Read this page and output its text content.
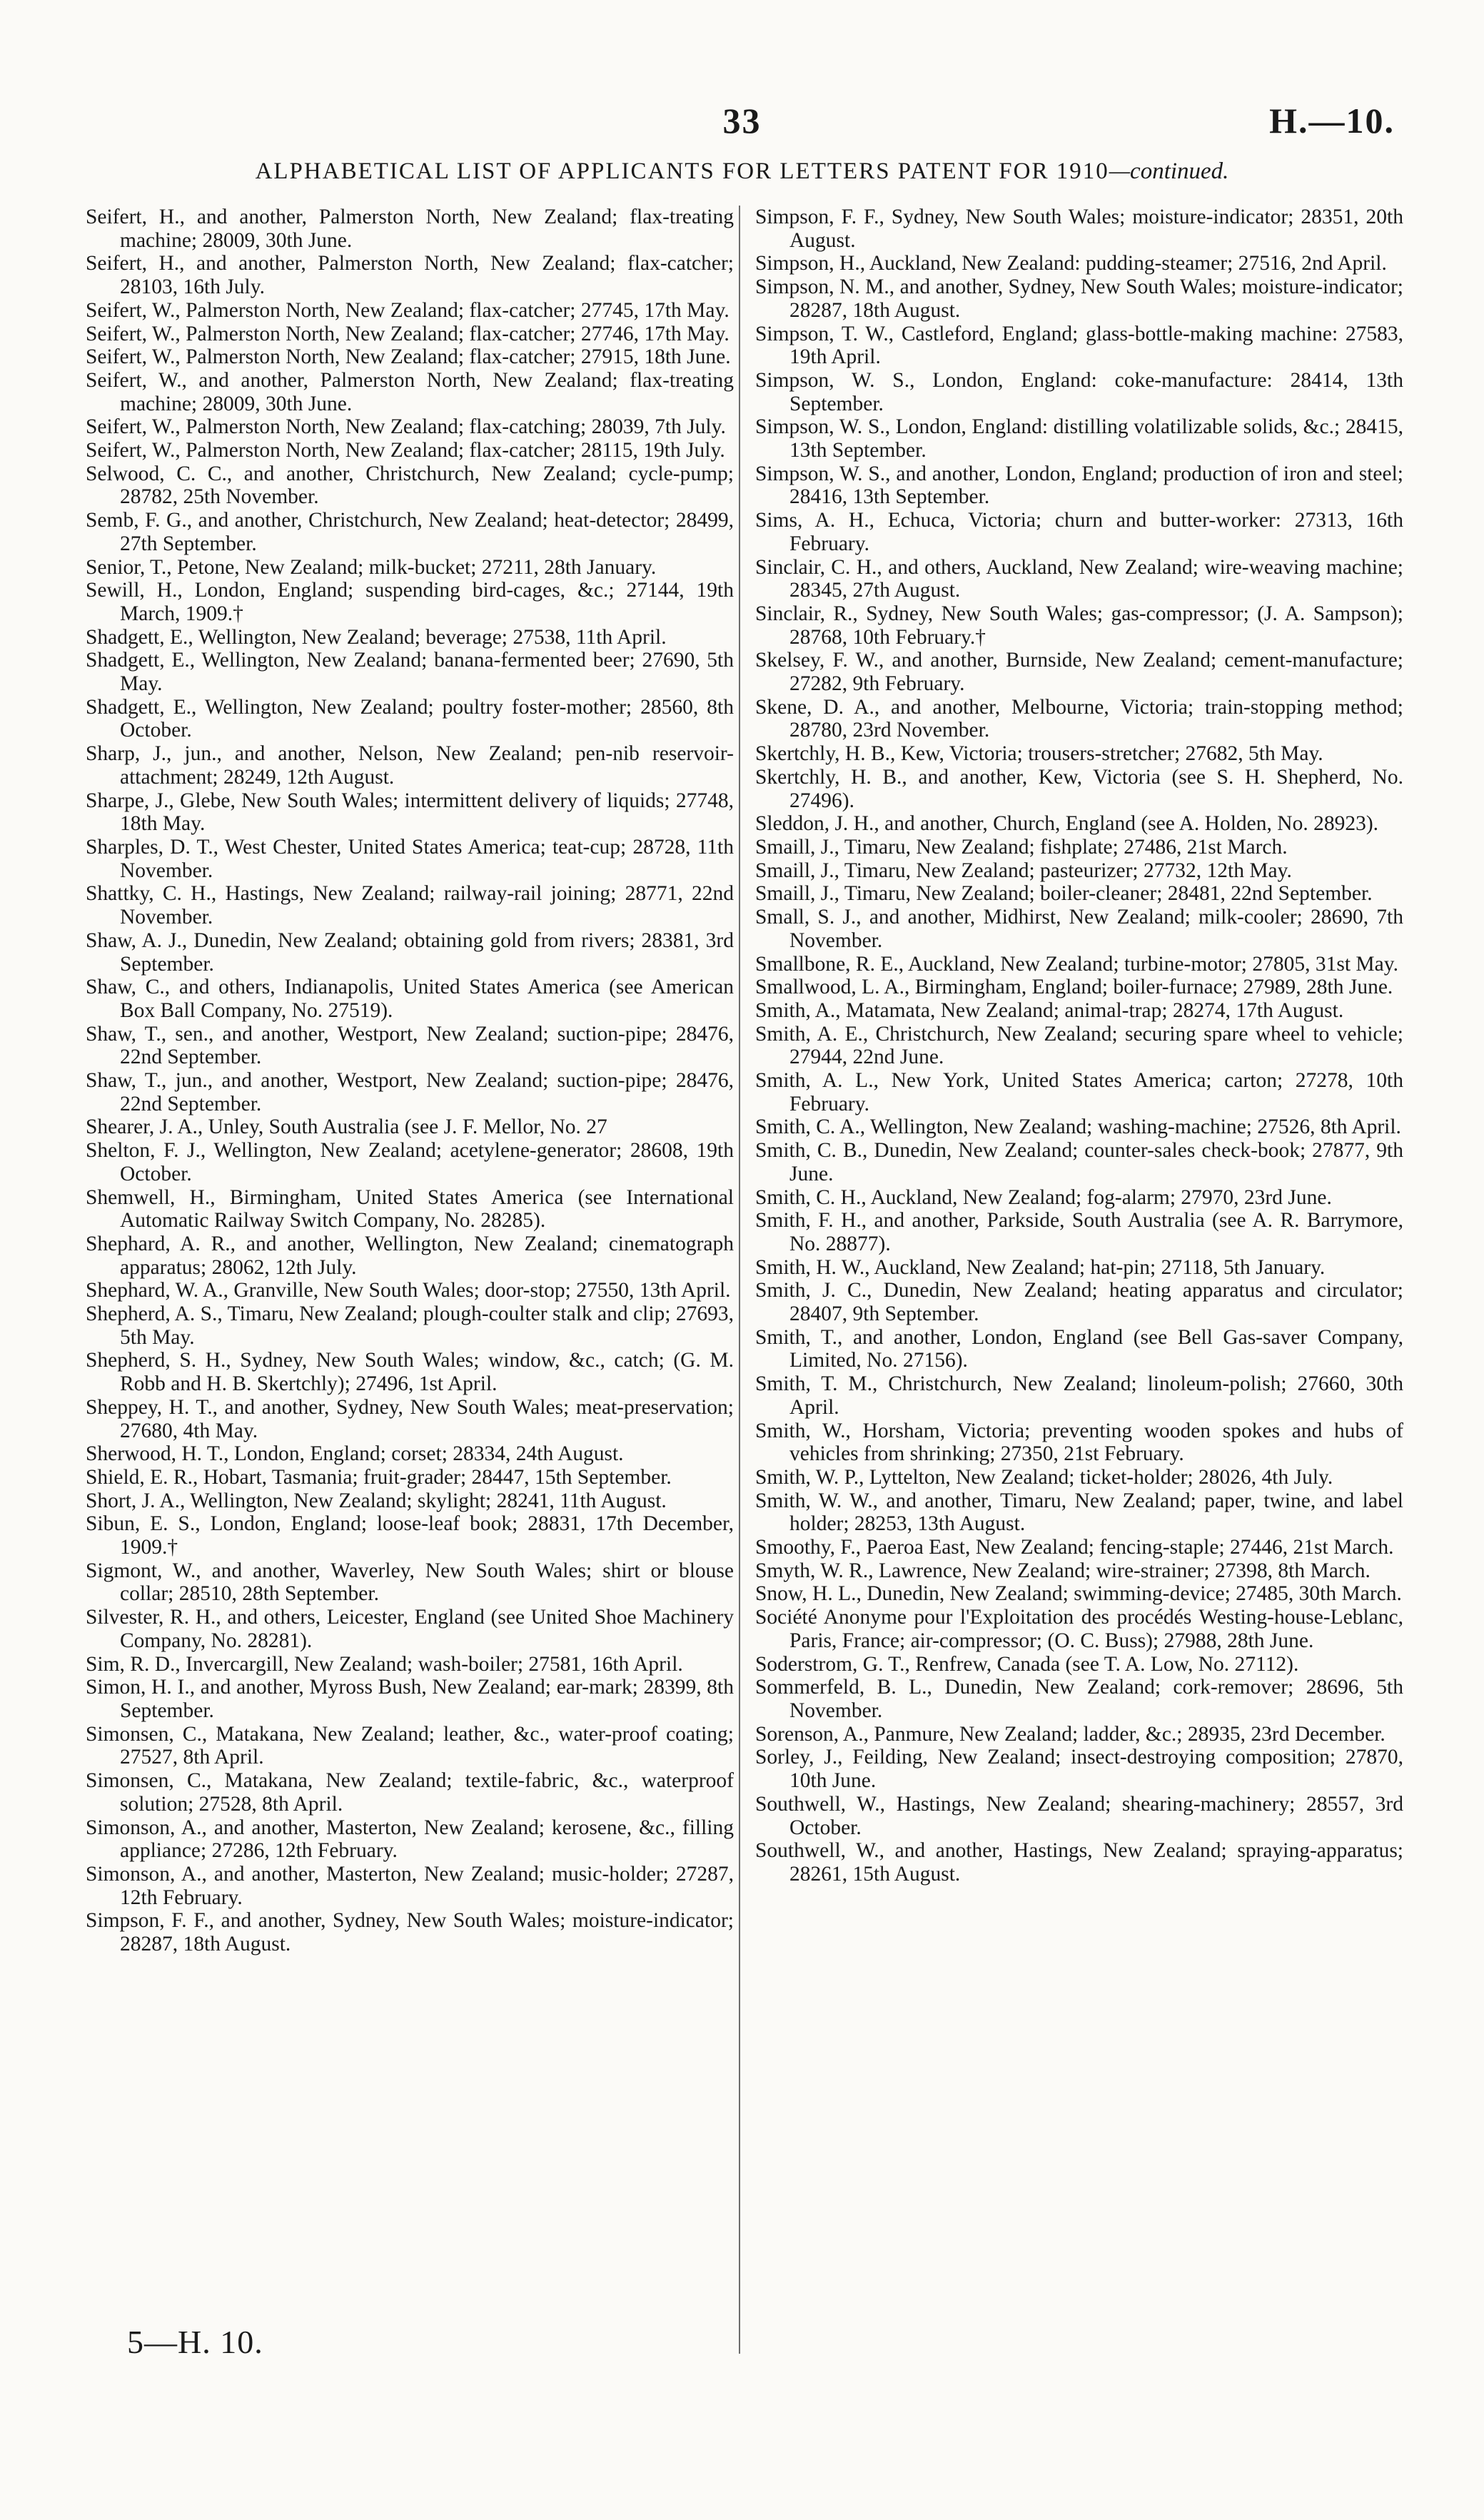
33	H.—10.
ALPHABETICAL LIST OF APPLICANTS FOR LETTERS PATENT FOR 1910—continued.

Seifert, H., and another, Palmerston North, New Zealand; flax-treating machine; 28009, 30th June.

Seifert, H., and another, Palmerston North, New Zealand; flax-catcher; 28103, 16th July.

Seifert, W., Palmerston North, New Zealand; flax-catcher; 27745, 17th May.

Seifert, W., Palmerston North, New Zealand; flax-catcher; 27746, 17th May.

Seifert, W., Palmerston North, New Zealand; flax-catcher; 27915, 18th June.

Seifert, W., and another, Palmerston North, New Zealand; flax-treating machine; 28009, 30th June.

Seifert, W., Palmerston North, New Zealand; flax-catching; 28039, 7th July.

Seifert, W., Palmerston North, New Zealand; flax-catcher; 28115, 19th July.

Selwood, C. C., and another, Christchurch, New Zealand; cycle-pump; 28782, 25th November.

Semb, F. G., and another, Christchurch, New Zealand; heat-detector; 28499, 27th September.

Senior, T., Petone, New Zealand; milk-bucket; 27211, 28th January.

Sewill, H., London, England; suspending bird-cages, &c.; 27144, 19th March, 1909.†

Shadgett, E., Wellington, New Zealand; beverage; 27538, 11th April.

Shadgett, E., Wellington, New Zealand; banana-fermented beer; 27690, 5th May.

Shadgett, E., Wellington, New Zealand; poultry foster-mother; 28560, 8th October.

Sharp, J., jun., and another, Nelson, New Zealand; pen-nib reservoir-attachment; 28249, 12th August.

Sharpe, J., Glebe, New South Wales; intermittent delivery of liquids; 27748, 18th May.

Sharples, D. T., West Chester, United States America; teat-cup; 28728, 11th November.

Shattky, C. H., Hastings, New Zealand; railway-rail joining; 28771, 22nd November.

Shaw, A. J., Dunedin, New Zealand; obtaining gold from rivers; 28381, 3rd September.

Shaw, C., and others, Indianapolis, United States America (see American Box Ball Company, No. 27519).

Shaw, T., sen., and another, Westport, New Zealand; suction-pipe; 28476, 22nd September.

Shaw, T., jun., and another, Westport, New Zealand; suction-pipe; 28476, 22nd September.

Shearer, J. A., Unley, South Australia (see J. F. Mellor, No. 27

Shelton, F. J., Wellington, New Zealand; acetylene-generator; 28608, 19th October.

Shemwell, H., Birmingham, United States America (see International Automatic Railway Switch Company, No. 28285).

Shephard, A. R., and another, Wellington, New Zealand; cinematograph apparatus; 28062, 12th July.

Shephard, W. A., Granville, New South Wales; door-stop; 27550, 13th April.

Shepherd, A. S., Timaru, New Zealand; plough-coulter stalk and clip; 27693, 5th May.

Shepherd, S. H., Sydney, New South Wales; window, &c., catch; (G. M. Robb and H. B. Skertchly); 27496, 1st April.

Sheppey, H. T., and another, Sydney, New South Wales; meat-preservation; 27680, 4th May.

Sherwood, H. T., London, England; corset; 28334, 24th August.

Shield, E. R., Hobart, Tasmania; fruit-grader; 28447, 15th September.

Short, J. A., Wellington, New Zealand; skylight; 28241, 11th August.

Sibun, E. S., London, England; loose-leaf book; 28831, 17th December, 1909.†

Sigmont, W., and another, Waverley, New South Wales; shirt or blouse collar; 28510, 28th September.

Silvester, R. H., and others, Leicester, England (see United Shoe Machinery Company, No. 28281).

Sim, R. D., Invercargill, New Zealand; wash-boiler; 27581, 16th April.

Simon, H. I., and another, Myross Bush, New Zealand; ear-mark; 28399, 8th September.

Simonsen, C., Matakana, New Zealand; leather, &c., water-proof coating; 27527, 8th April.

Simonsen, C., Matakana, New Zealand; textile-fabric, &c., waterproof solution; 27528, 8th April.

Simonson, A., and another, Masterton, New Zealand; kerosene, &c., filling appliance; 27286, 12th February.

Simonson, A., and another, Masterton, New Zealand; music-holder; 27287, 12th February.

Simpson, F. F., and another, Sydney, New South Wales; moisture-indicator; 28287, 18th August.

Simpson, F. F., Sydney, New South Wales; moisture-indicator; 28351, 20th August.

Simpson, H., Auckland, New Zealand: pudding-steamer; 27516, 2nd April.

Simpson, N. M., and another, Sydney, New South Wales; moisture-indicator; 28287, 18th August.

Simpson, T. W., Castleford, England; glass-bottle-making machine: 27583, 19th April.

Simpson, W. S., London, England: coke-manufacture: 28414, 13th September.

Simpson, W. S., London, England: distilling volatilizable solids, &c.; 28415, 13th September.

Simpson, W. S., and another, London, England; production of iron and steel; 28416, 13th September.

Sims, A. H., Echuca, Victoria; churn and butter-worker: 27313, 16th February.

Sinclair, C. H., and others, Auckland, New Zealand; wire-weaving machine; 28345, 27th August.

Sinclair, R., Sydney, New South Wales; gas-compressor; (J. A. Sampson); 28768, 10th February.†

Skelsey, F. W., and another, Burnside, New Zealand; cement-manufacture; 27282, 9th February.

Skene, D. A., and another, Melbourne, Victoria; train-stopping method; 28780, 23rd November.

Skertchly, H. B., Kew, Victoria; trousers-stretcher; 27682, 5th May.

Skertchly, H. B., and another, Kew, Victoria (see S. H. Shepherd, No. 27496).

Sleddon, J. H., and another, Church, England (see A. Holden, No. 28923).

Smaill, J., Timaru, New Zealand; fishplate; 27486, 21st March.

Smaill, J., Timaru, New Zealand; pasteurizer; 27732, 12th May.

Smaill, J., Timaru, New Zealand; boiler-cleaner; 28481, 22nd September.

Small, S. J., and another, Midhirst, New Zealand; milk-cooler; 28690, 7th November.

Smallbone, R. E., Auckland, New Zealand; turbine-motor; 27805, 31st May.

Smallwood, L. A., Birmingham, England; boiler-furnace; 27989, 28th June.

Smith, A., Matamata, New Zealand; animal-trap; 28274, 17th August.

Smith, A. E., Christchurch, New Zealand; securing spare wheel to vehicle; 27944, 22nd June.

Smith, A. L., New York, United States America; carton; 27278, 10th February.

Smith, C. A., Wellington, New Zealand; washing-machine; 27526, 8th April.

Smith, C. B., Dunedin, New Zealand; counter-sales check-book; 27877, 9th June.

Smith, C. H., Auckland, New Zealand; fog-alarm; 27970, 23rd June.

Smith, F. H., and another, Parkside, South Australia (see A. R. Barrymore, No. 28877).

Smith, H. W., Auckland, New Zealand; hat-pin; 27118, 5th January.

Smith, J. C., Dunedin, New Zealand; heating apparatus and circulator; 28407, 9th September.

Smith, T., and another, London, England (see Bell Gas-saver Company, Limited, No. 27156).

Smith, T. M., Christchurch, New Zealand; linoleum-polish; 27660, 30th April.

Smith, W., Horsham, Victoria; preventing wooden spokes and hubs of vehicles from shrinking; 27350, 21st February.

Smith, W. P., Lyttelton, New Zealand; ticket-holder; 28026, 4th July.

Smith, W. W., and another, Timaru, New Zealand; paper, twine, and label holder; 28253, 13th August.

Smoothy, F., Paeroa East, New Zealand; fencing-staple; 27446, 21st March.

Smyth, W. R., Lawrence, New Zealand; wire-strainer; 27398, 8th March.

Snow, H. L., Dunedin, New Zealand; swimming-device; 27485, 30th March.

Société Anonyme pour l'Exploitation des procédés Westing-house-Leblanc, Paris, France; air-compressor; (O. C. Buss); 27988, 28th June.

Soderstrom, G. T., Renfrew, Canada (see T. A. Low, No. 27112).

Sommerfeld, B. L., Dunedin, New Zealand; cork-remover; 28696, 5th November.

Sorenson, A., Panmure, New Zealand; ladder, &c.; 28935, 23rd December.

Sorley, J., Feilding, New Zealand; insect-destroying composition; 27870, 10th June.

Southwell, W., Hastings, New Zealand; shearing-machinery; 28557, 3rd October.

Southwell, W., and another, Hastings, New Zealand; spraying-apparatus; 28261, 15th August.

5—H. 10.
